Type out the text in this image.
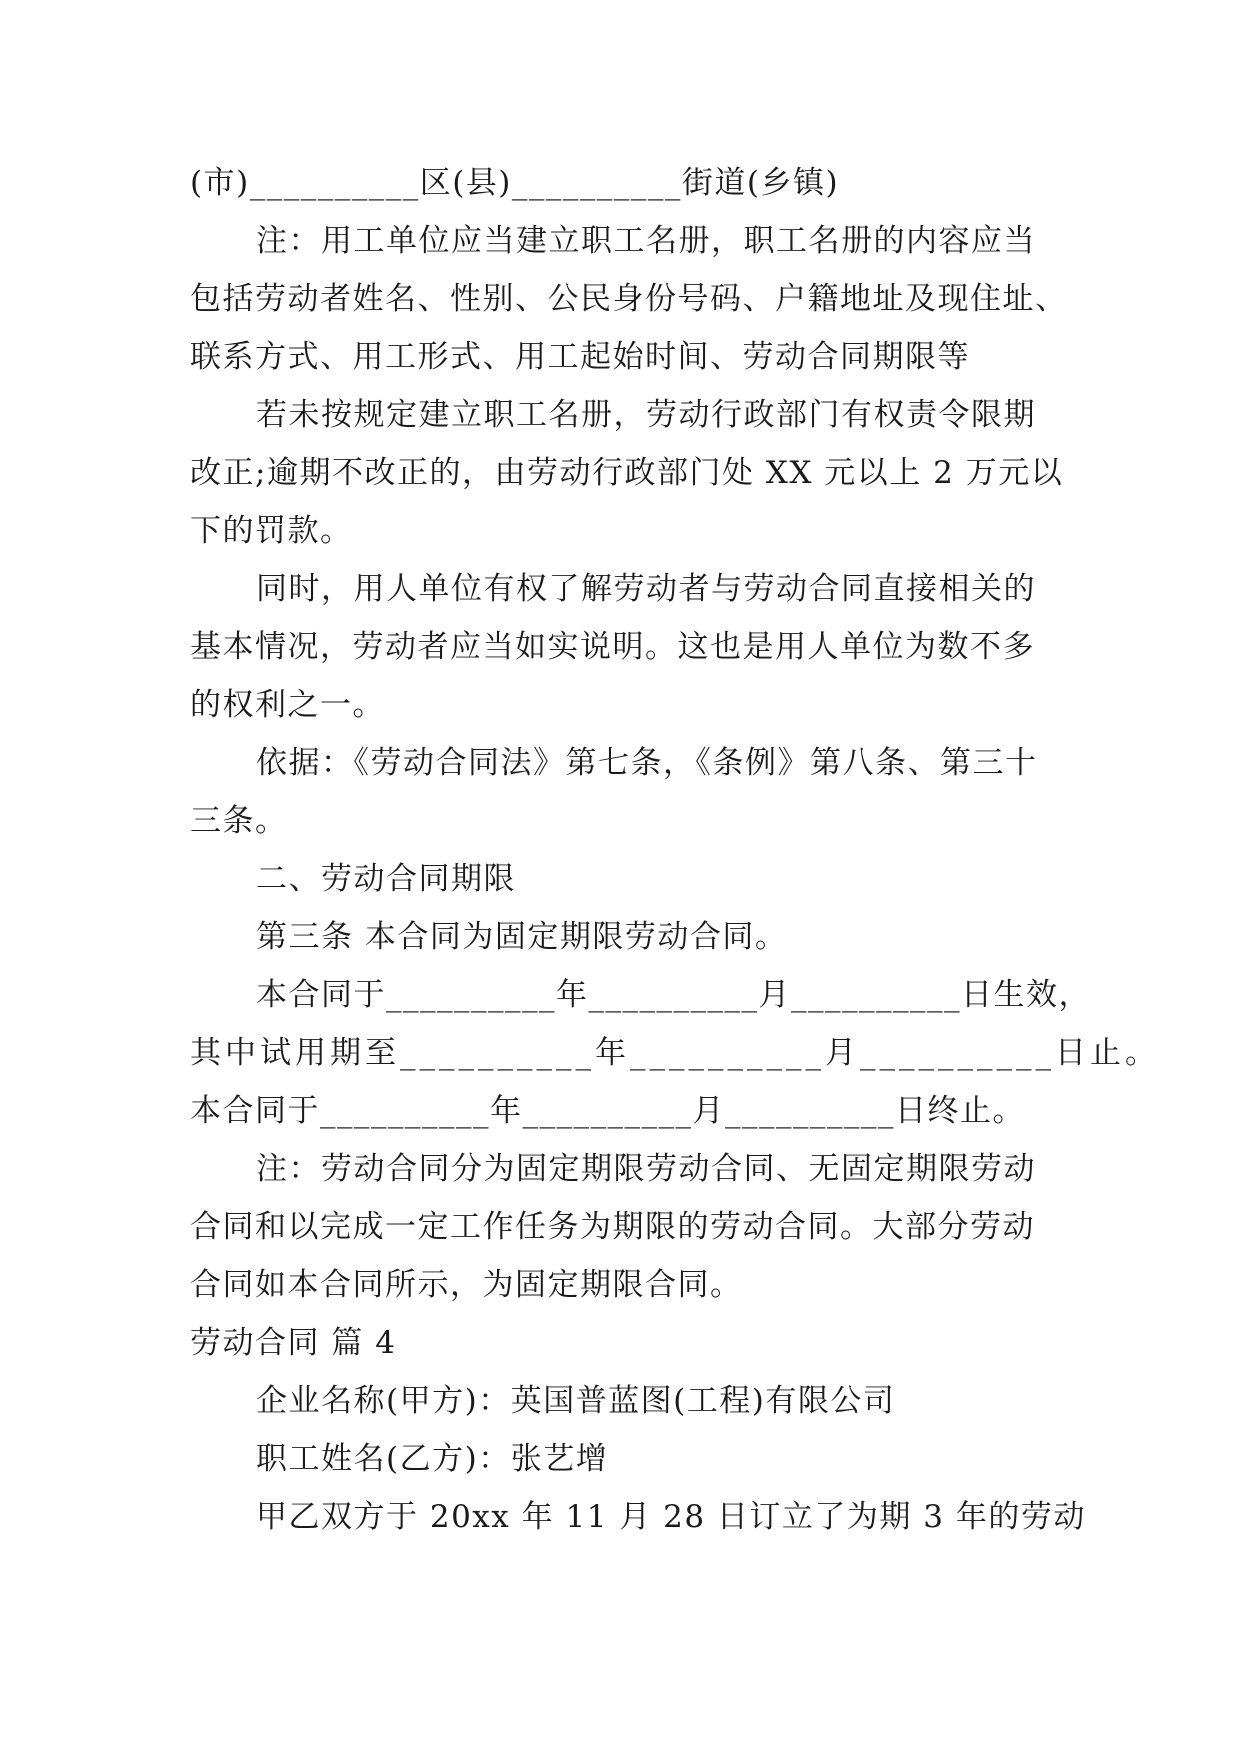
(市)__________区(县)__________街道(乡镇)
注：用工单位应当建立职工名册，职工名册的内容应当
包括劳动者姓名、性别、公民身份号码、户籍地址及现住址、
联系方式、用工形式、用工起始时间、劳动合同期限等
若未按规定建立职工名册，劳动行政部门有权责令限期
改正;逾期不改正的，由劳动行政部门处 XX 元以上 2 万元以
下的罚款。
同时，用人单位有权了解劳动者与劳动合同直接相关的
基本情况，劳动者应当如实说明。这也是用人单位为数不多
的权利之一。
依据：《劳动合同法》第七条，《条例》第八条、第三十
三条。
二、劳动合同期限
第三条 本合同为固定期限劳动合同。
本合同于__________年__________月__________日生效，
其中试用期至__________年__________月__________日止。
本合同于__________年__________月__________日终止。
注：劳动合同分为固定期限劳动合同、无固定期限劳动
合同和以完成一定工作任务为期限的劳动合同。大部分劳动
合同如本合同所示，为固定期限合同。
劳动合同 篇 4
企业名称(甲方)：英国普蓝图(工程)有限公司
职工姓名(乙方)：张艺增
甲乙双方于 20xx 年 11 月 28 日订立了为期 3 年的劳动
